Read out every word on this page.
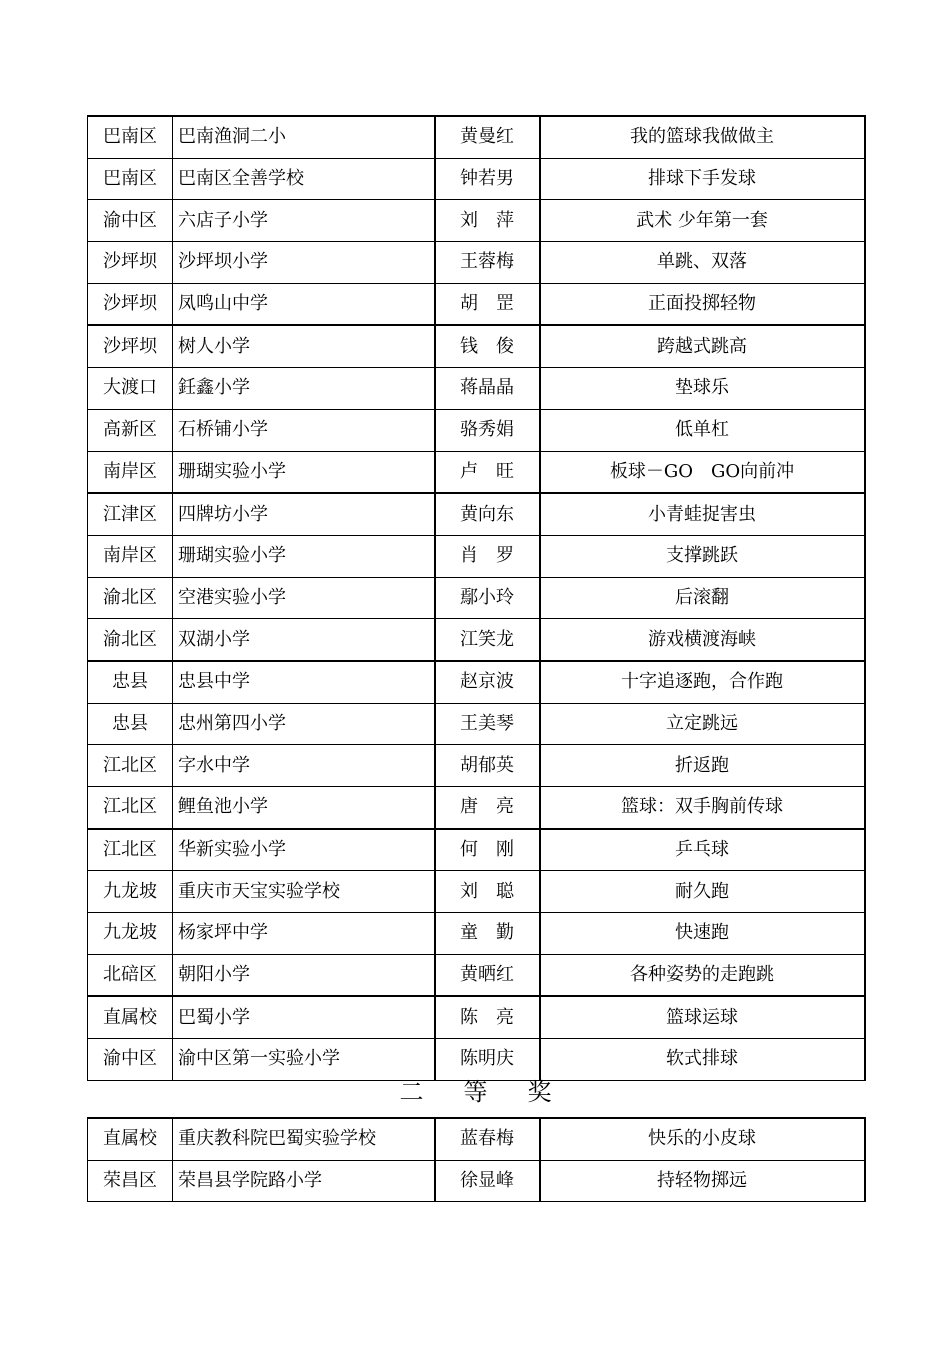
巴南区	巴南渔洞二小	黄曼红	我的篮球我做做主
巴南区	巴南区全善学校	钟若男	排球下手发球
渝中区	六店子小学	刘　萍	武术 少年第一套
沙坪坝	沙坪坝小学	王蓉梅	单跳、双落
沙坪坝	凤鸣山中学	胡　罡	正面投掷轻物
沙坪坝	树人小学	钱　俊	跨越式跳高
大渡口	鈓鑫小学	蒋晶晶	垫球乐
高新区	石桥铺小学	骆秀娟	低单杠
南岸区	珊瑚实验小学	卢　旺	板球－GO　GO向前冲
江津区	四牌坊小学	黄向东	小青蛙捉害虫
南岸区	珊瑚实验小学	肖　罗	支撑跳跃
渝北区	空港实验小学	鄢小玲	后滚翻
渝北区	双湖小学	江笑龙	游戏横渡海峡
忠县	忠县中学	赵京波	十字追逐跑，合作跑
忠县	忠州第四小学	王美琴	立定跳远
江北区	字水中学	胡郁英	折返跑
江北区	鲤鱼池小学	唐　亮	篮球：双手胸前传球
江北区	华新实验小学	何　刚	乒乓球
九龙坡	重庆市天宝实验学校	刘　聪	耐久跑
九龙坡	杨家坪中学	童　勤	快速跑
北碚区	朝阳小学	黄晒红	各种姿势的走跑跳
直属校	巴蜀小学	陈　亮	篮球运球
渝中区	渝中区第一实验小学	陈明庆	软式排球
二等奖
直属校	重庆教科院巴蜀实验学校	蓝春梅	快乐的小皮球
荣昌区	荣昌县学院路小学	徐显峰	持轻物掷远
